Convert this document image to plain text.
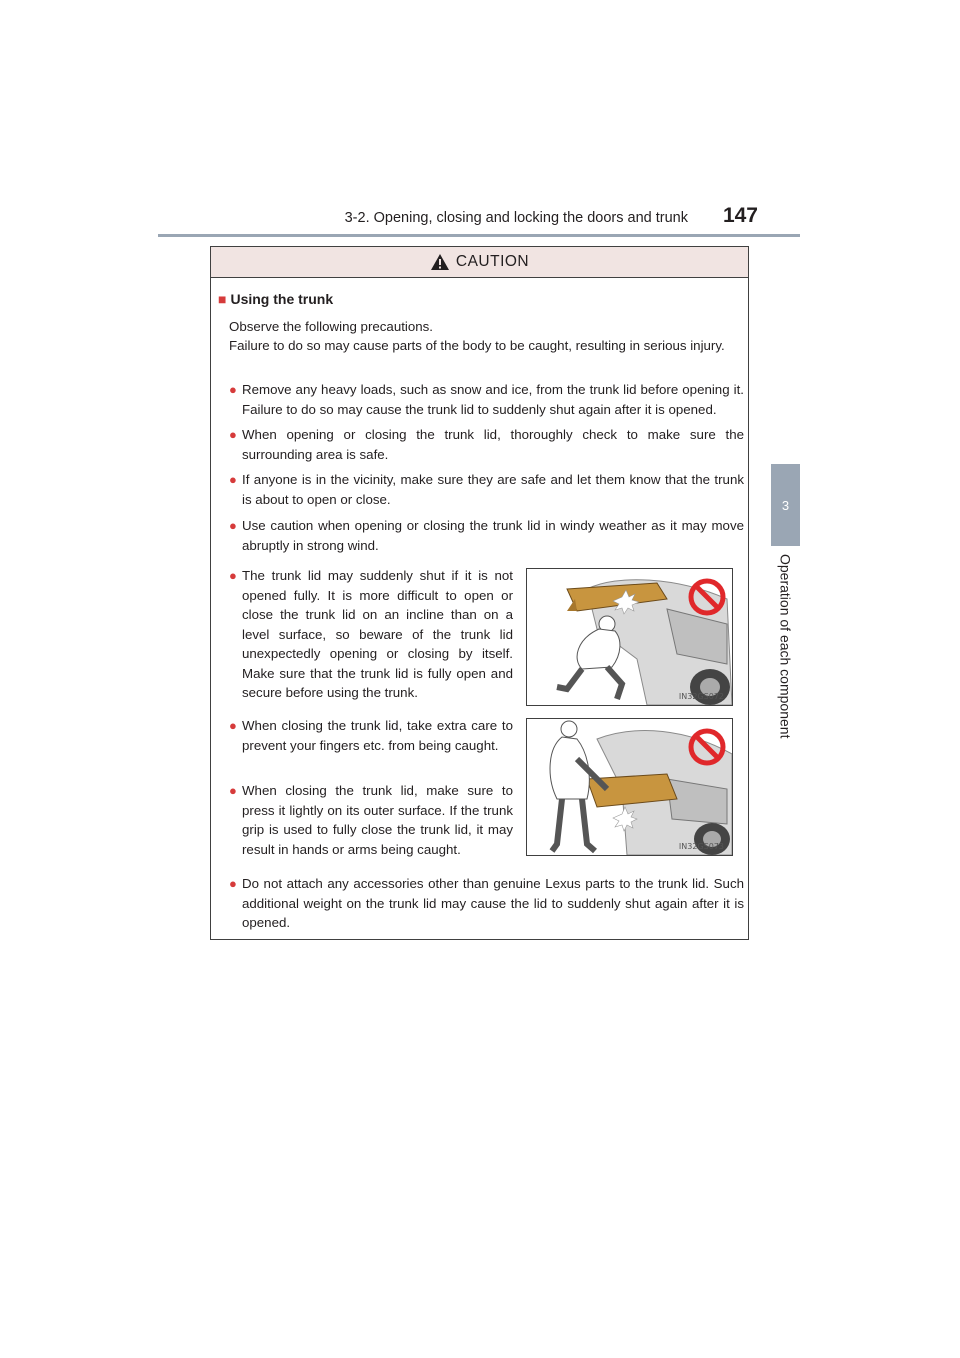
3-2. Opening, closing and locking the doors and trunk 147
3
Operation of each component
CAUTION
■ Using the trunk
Observe the following precautions.
Failure to do so may cause parts of the body to be caught, resulting in serious injury.
● Remove any heavy loads, such as snow and ice, from the trunk lid before opening it. Failure to do so may cause the trunk lid to suddenly shut again after it is opened.
● When opening or closing the trunk lid, thoroughly check to make sure the surrounding area is safe.
● If anyone is in the vicinity, make sure they are safe and let them know that the trunk is about to open or close.
● Use caution when opening or closing the trunk lid in windy weather as it may move abruptly in strong wind.
● The trunk lid may suddenly shut if it is not opened fully. It is more difficult to open or close the trunk lid on an incline than on a level surface, so beware of the trunk lid unexpectedly opening or closing by itself. Make sure that the trunk lid is fully open and secure before using the trunk.	IN32GS072
● When closing the trunk lid, take extra care to prevent your fingers etc. from being caught.
● When closing the trunk lid, make sure to press it lightly on its outer surface. If the trunk grip is used to fully close the trunk lid, it may result in hands or arms being caught.	IN32GS073
● Do not attach any accessories other than genuine Lexus parts to the trunk lid. Such additional weight on the trunk lid may cause the lid to suddenly shut again after it is opened.
